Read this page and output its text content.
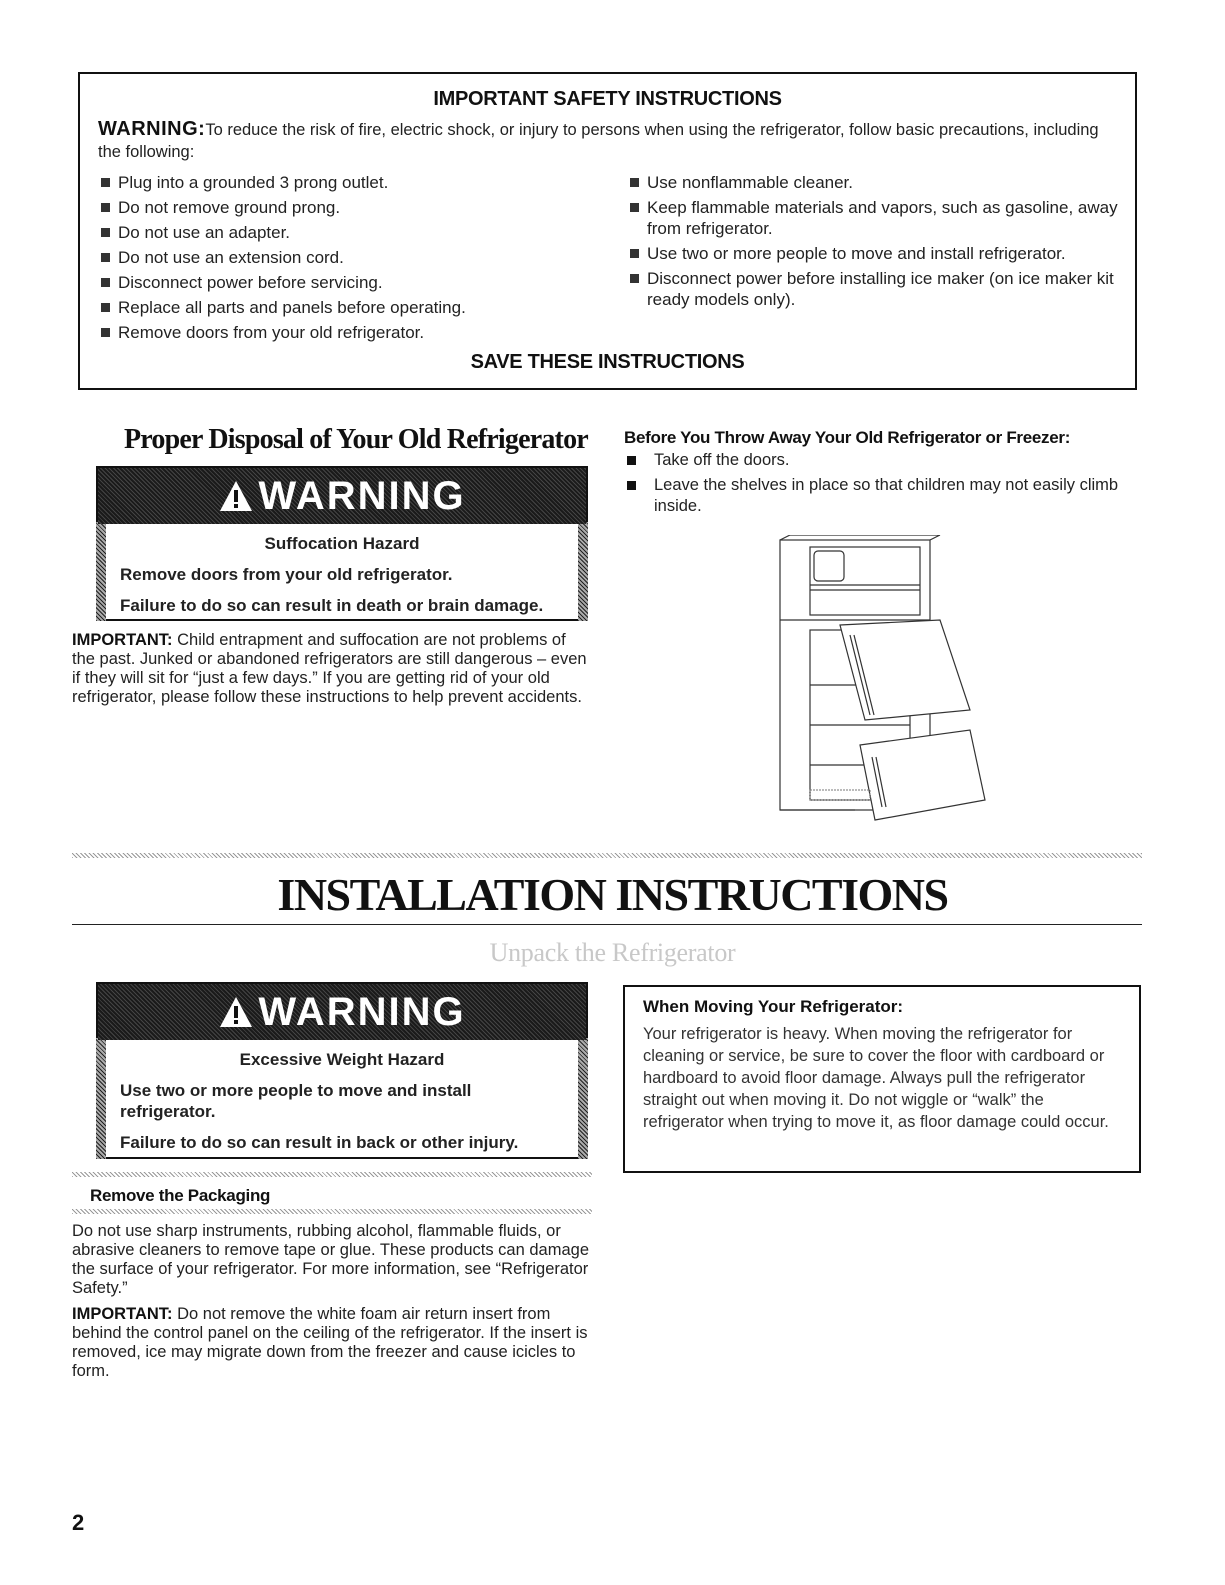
IMPORTANT SAFETY INSTRUCTIONS
WARNING:To reduce the risk of fire, electric shock, or injury to persons when using the refrigerator, follow basic precautions, including the following:
Plug into a grounded 3 prong outlet.
Do not remove ground prong.
Do not use an adapter.
Do not use an extension cord.
Disconnect power before servicing.
Replace all parts and panels before operating.
Remove doors from your old refrigerator.
Use nonflammable cleaner.
Keep flammable materials and vapors, such as gasoline, away from refrigerator.
Use two or more people to move and install refrigerator.
Disconnect power before installing ice maker (on ice maker kit ready models only).
SAVE THESE INSTRUCTIONS
Proper Disposal of Your Old Refrigerator
WARNING
Suffocation Hazard

Remove doors from your old refrigerator.

Failure to do so can result in death or brain damage.

IMPORTANT: Child entrapment and suffocation are not problems of the past. Junked or abandoned refrigerators are still dangerous – even if they will sit for “just a few days.” If you are getting rid of your old refrigerator, please follow these instructions to help prevent accidents.
Before You Throw Away Your Old Refrigerator or Freezer:
Take off the doors.
Leave the shelves in place so that children may not easily climb inside.
INSTALLATION INSTRUCTIONS
Unpack the Refrigerator
WARNING
Excessive Weight Hazard

Use two or more people to move and install refrigerator.

Failure to do so can result in back or other injury.

When Moving Your Refrigerator:
Your refrigerator is heavy. When moving the refrigerator for cleaning or service, be sure to cover the floor with cardboard or hardboard to avoid floor damage. Always pull the refrigerator straight out when moving it. Do not wiggle or “walk” the refrigerator when trying to move it, as floor damage could occur.
Remove the Packaging
Do not use sharp instruments, rubbing alcohol, flammable fluids, or abrasive cleaners to remove tape or glue. These products can damage the surface of your refrigerator. For more information, see “Refrigerator Safety.”
IMPORTANT: Do not remove the white foam air return insert from behind the control panel on the ceiling of the refrigerator. If the insert is removed, ice may migrate down from the freezer and cause icicles to form.
2
